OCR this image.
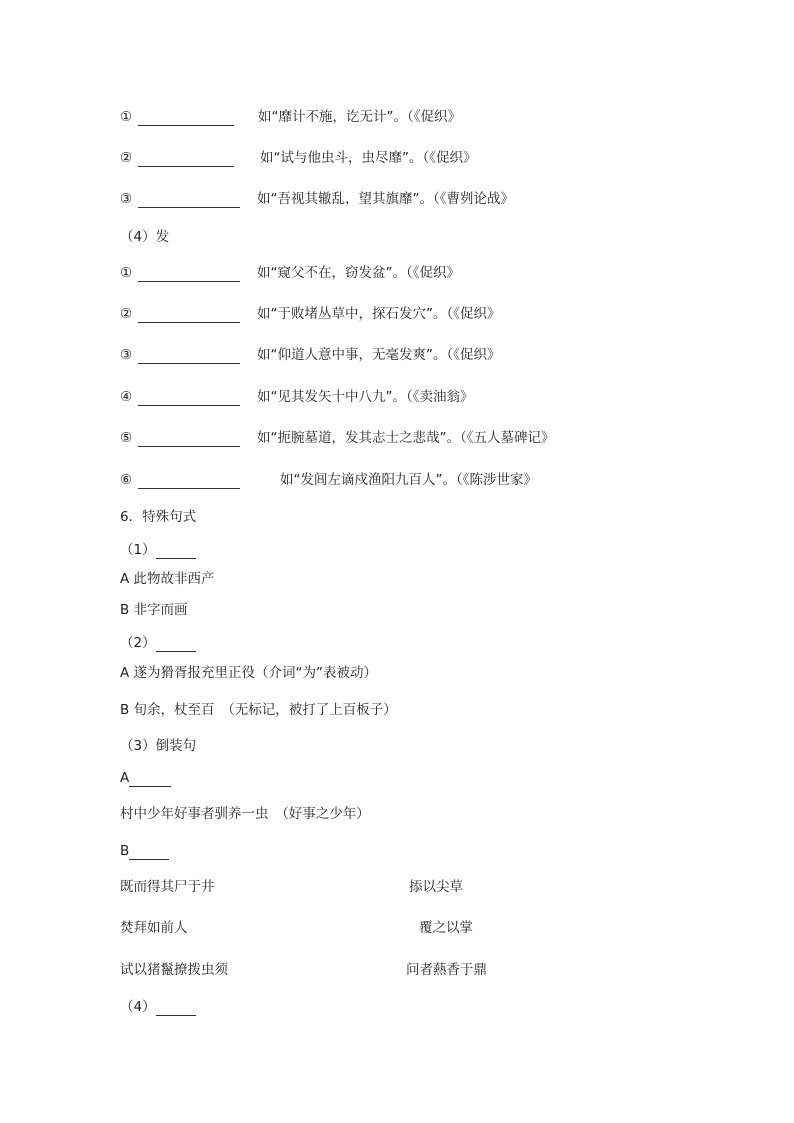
①	如“靡计不施，讫无计”。（《促织》
②	如“试与他虫斗，虫尽靡”。（《促织》
③	如“吾视其辙乱，望其旗靡”。（《曹刿论战》
（4）发
①	如“窥父不在，窃发盆”。（《促织》
②	如“于败堵丛草中，探石发穴”。（《促织》
③	如“仰道人意中事，无毫发爽”。（《促织》
④	如“见其发矢十中八九”。（《卖油翁》
⑤	如“扼腕墓道，发其志士之悲哉”。（《五人墓碑记》
⑥	如“发闾左谪戍渔阳九百人”。（《陈涉世家》
6．特殊句式
（1）
A 此物故非西产
B 非字而画
（2）
A 遂为猾胥报充里正役（介词“为”表被动）
B 旬余，杖至百　（无标记，被打了上百板子）
（3）倒装句
A
村中少年好事者驯养一虫　（好事之少年）
B
既而得其尸于井	掭以尖草
焚拜如前人	覆之以掌
试以猪鬣撩拨虫须	问者爇香于鼎
（4）
